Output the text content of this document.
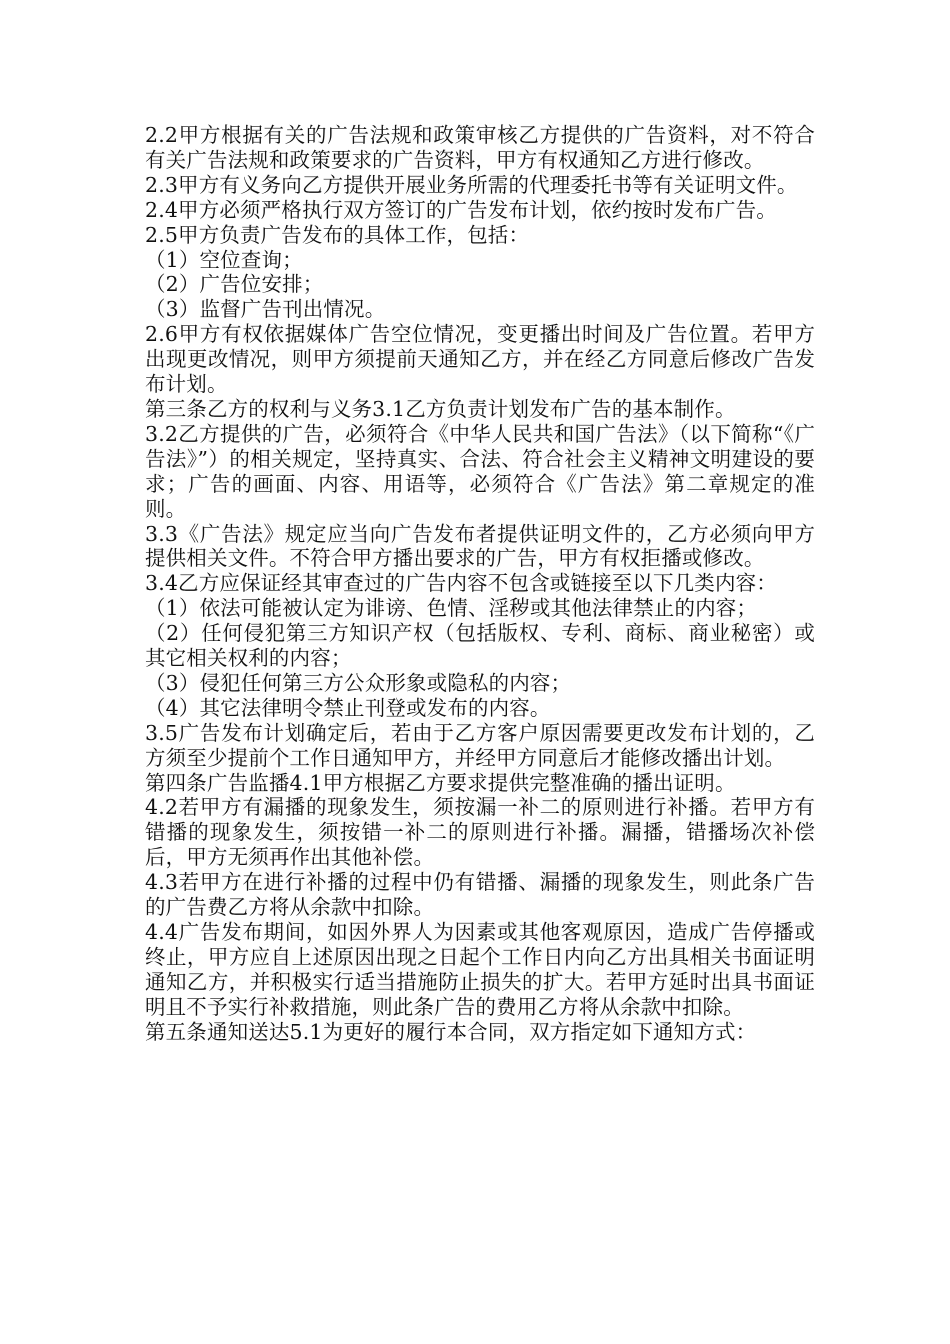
2.2甲方根据有关的广告法规和政策审核乙方提供的广告资料，对不符合有关广告法规和政策要求的广告资料，甲方有权通知乙方进行修改。

2.3甲方有义务向乙方提供开展业务所需的代理委托书等有关证明文件。

2.4甲方必须严格执行双方签订的广告发布计划，依约按时发布广告。

2.5甲方负责广告发布的具体工作，包括：

（1）空位查询；

（2）广告位安排；

（3）监督广告刊出情况。

2.6甲方有权依据媒体广告空位情况，变更播出时间及广告位置。若甲方出现更改情况，则甲方须提前天通知乙方，并在经乙方同意后修改广告发布计划。

第三条乙方的权利与义务3.1乙方负责计划发布广告的基本制作。

3.2乙方提供的广告，必须符合《中华人民共和国广告法》（以下简称“《广告法》”）的相关规定，坚持真实、合法、符合社会主义精神文明建设的要求；广告的画面、内容、用语等，必须符合《广告法》第二章规定的准则。

3.3《广告法》规定应当向广告发布者提供证明文件的，乙方必须向甲方提供相关文件。不符合甲方播出要求的广告，甲方有权拒播或修改。

3.4乙方应保证经其审查过的广告内容不包含或链接至以下几类内容：

（1）依法可能被认定为诽谤、色情、淫秽或其他法律禁止的内容；

（2）任何侵犯第三方知识产权（包括版权、专利、商标、商业秘密）或其它相关权利的内容；

（3）侵犯任何第三方公众形象或隐私的内容；

（4）其它法律明令禁止刊登或发布的内容。

3.5广告发布计划确定后，若由于乙方客户原因需要更改发布计划的，乙方须至少提前个工作日通知甲方，并经甲方同意后才能修改播出计划。

第四条广告监播4.1甲方根据乙方要求提供完整准确的播出证明。

4.2若甲方有漏播的现象发生，须按漏一补二的原则进行补播。若甲方有错播的现象发生，须按错一补二的原则进行补播。漏播，错播场次补偿后，甲方无须再作出其他补偿。

4.3若甲方在进行补播的过程中仍有错播、漏播的现象发生，则此条广告的广告费乙方将从余款中扣除。

4.4广告发布期间，如因外界人为因素或其他客观原因，造成广告停播或终止，甲方应自上述原因出现之日起个工作日内向乙方出具相关书面证明通知乙方，并积极实行适当措施防止损失的扩大。若甲方延时出具书面证明且不予实行补救措施，则此条广告的费用乙方将从余款中扣除。

第五条通知送达5.1为更好的履行本合同，双方指定如下通知方式：
